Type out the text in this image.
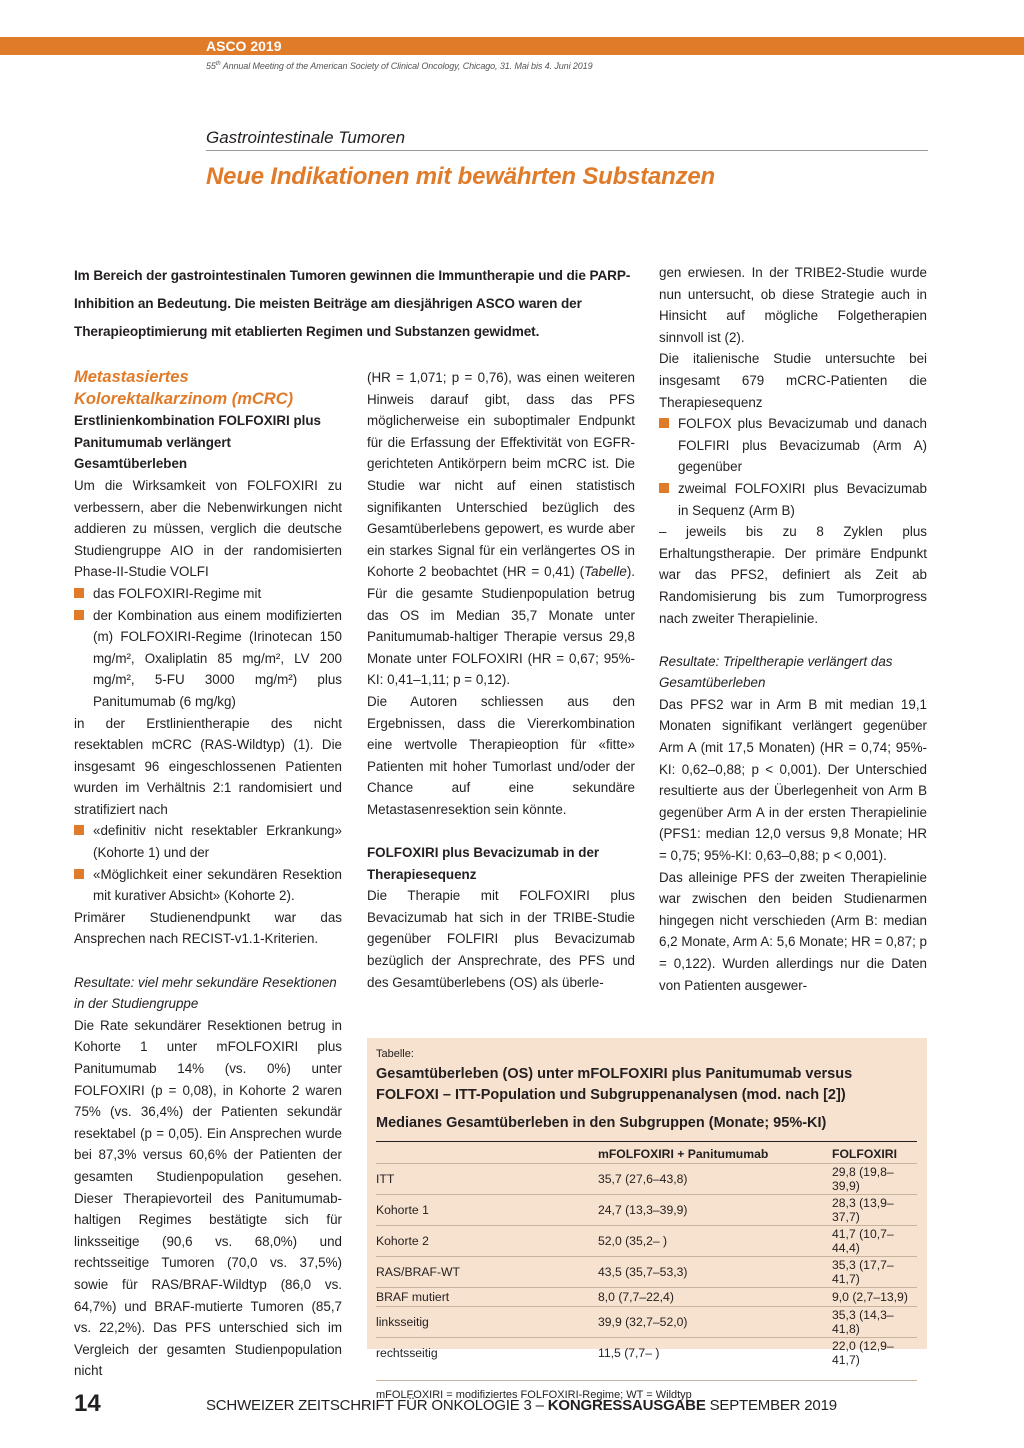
ASCO 2019
55th Annual Meeting of the American Society of Clinical Oncology, Chicago, 31. Mai bis 4. Juni 2019
Gastrointestinale Tumoren
Neue Indikationen mit bewährten Substanzen
Im Bereich der gastrointestinalen Tumoren gewinnen die Immuntherapie und die PARP-Inhibition an Bedeutung. Die meisten Beiträge am diesjährigen ASCO waren der Therapieoptimierung mit etablierten Regimen und Substanzen gewidmet.

Metastasiertes Kolorektalkarzinom (mCRC)

Erstlinienkombination FOLFOXIRI plus Panitumumab verlängert Gesamtüberleben

Um die Wirksamkeit von FOLFOXIRI zu verbessern, aber die Nebenwirkungen nicht addieren zu müssen, verglich die deutsche Studiengruppe AIO in der randomisierten Phase-II-Studie VOLFI

das FOLFOXIRI-Regime mit
der Kombination aus einem modifizierten (m) FOLFOXIRI-Regime (Irinotecan 150 mg/m², Oxaliplatin 85 mg/m², LV 200 mg/m², 5-FU 3000 mg/m²) plus Panitumumab (6 mg/kg)

in der Erstlinientherapie des nicht resektablen mCRC (RAS-Wildtyp) (1). Die insgesamt 96 eingeschlossenen Patienten wurden im Verhältnis 2:1 randomisiert und stratifiziert nach

«definitiv nicht resektabler Erkrankung» (Kohorte 1) und der
«Möglichkeit einer sekundären Resektion mit kurativer Absicht» (Kohorte 2).

Primärer Studienendpunkt war das Ansprechen nach RECIST-v1.1-Kriterien.

Resultate: viel mehr sekundäre Resektionen in der Studiengruppe

Die Rate sekundärer Resektionen betrug in Kohorte 1 unter mFOLFOXIRI plus Panitumumab 14% (vs. 0%) unter FOLFOXIRI (p = 0,08), in Kohorte 2 waren 75% (vs. 36,4%) der Patienten sekundär resektabel (p = 0,05). Ein Ansprechen wurde bei 87,3% versus 60,6% der Patienten der gesamten Studienpopulation gesehen. Dieser Therapievorteil des Panitumumab-haltigen Regimes bestätigte sich für linksseitige (90,6 vs. 68,0%) und rechtsseitige Tumoren (70,0 vs. 37,5%) sowie für RAS/BRAF-Wildtyp (86,0 vs. 64,7%) und BRAF-mutierte Tumoren (85,7 vs. 22,2%). Das PFS unterschied sich im Vergleich der gesamten Studienpopulation nicht

(HR = 1,071; p = 0,76), was einen weiteren Hinweis darauf gibt, dass das PFS möglicherweise ein suboptimaler Endpunkt für die Erfassung der Effektivität von EGFR-gerichteten Antikörpern beim mCRC ist. Die Studie war nicht auf einen statistisch signifikanten Unterschied bezüglich des Gesamtüberlebens gepowert, es wurde aber ein starkes Signal für ein verlängertes OS in Kohorte 2 beobachtet (HR = 0,41) (Tabelle). Für die gesamte Studienpopulation betrug das OS im Median 35,7 Monate unter Panitumumab-haltiger Therapie versus 29,8 Monate unter FOLFOXIRI (HR = 0,67; 95%-KI: 0,41–1,11; p = 0,12).

Die Autoren schliessen aus den Ergebnissen, dass die Viererkombination eine wertvolle Therapieoption für «fitte» Patienten mit hoher Tumorlast und/oder der Chance auf eine sekundäre Metastasenresektion sein könnte.

FOLFOXIRI plus Bevacizumab in der Therapiesequenz

Die Therapie mit FOLFOXIRI plus Bevacizumab hat sich in der TRIBE-Studie gegenüber FOLFIRI plus Bevacizumab bezüglich der Ansprechrate, des PFS und des Gesamtüberlebens (OS) als überle-

gen erwiesen. In der TRIBE2-Studie wurde nun untersucht, ob diese Strategie auch in Hinsicht auf mögliche Folgetherapien sinnvoll ist (2).

Die italienische Studie untersuchte bei insgesamt 679 mCRC-Patienten die Therapiesequenz

FOLFOX plus Bevacizumab und danach FOLFIRI plus Bevacizumab (Arm A) gegenüber
zweimal FOLFOXIRI plus Bevacizumab in Sequenz (Arm B)

– jeweils bis zu 8 Zyklen plus Erhaltungstherapie. Der primäre Endpunkt war das PFS2, definiert als Zeit ab Randomisierung bis zum Tumorprogress nach zweiter Therapielinie.

Resultate: Tripeltherapie verlängert das Gesamtüberleben

Das PFS2 war in Arm B mit median 19,1 Monaten signifikant verlängert gegenüber Arm A (mit 17,5 Monaten) (HR = 0,74; 95%-KI: 0,62–0,88; p < 0,001). Der Unterschied resultierte aus der Überlegenheit von Arm B gegenüber Arm A in der ersten Therapielinie (PFS1: median 12,0 versus 9,8 Monate; HR = 0,75; 95%-KI: 0,63–0,88; p < 0,001).

Das alleinige PFS der zweiten Therapielinie war zwischen den beiden Studienarmen hingegen nicht verschieden (Arm B: median 6,2 Monate, Arm A: 5,6 Monate; HR = 0,87; p = 0,122). Wurden allerdings nur die Daten von Patienten ausgewer-

Tabelle:
Gesamtüberleben (OS) unter mFOLFOXIRI plus Panitumumab versus FOLFOXI – ITT-Population und Subgruppenanalysen (mod. nach [2])
Medianes Gesamtüberleben in den Subgruppen (Monate; 95%-KI)
	mFOLFOXIRI + Panitumumab	FOLFOXIRI
ITT	35,7 (27,6–43,8)	29,8 (19,8–39,9)
Kohorte 1	24,7 (13,3–39,9)	28,3 (13,9–37,7)
Kohorte 2	52,0 (35,2– )	41,7 (10,7–44,4)
RAS/BRAF-WT	43,5 (35,7–53,3)	35,3 (17,7–41,7)
BRAF mutiert	8,0 (7,7–22,4)	9,0 (2,7–13,9)
linksseitig	39,9 (32,7–52,0)	35,3 (14,3–41,8)
rechtsseitig	11,5 (7,7– )	22,0 (12,9–41,7)
mFOLFOXIRI = modifiziertes FOLFOXIRI-Regime; WT = Wildtyp
14	SCHWEIZER ZEITSCHRIFT FÜR ONKOLOGIE 3 – KONGRESSAUSGABE SEPTEMBER 2019
